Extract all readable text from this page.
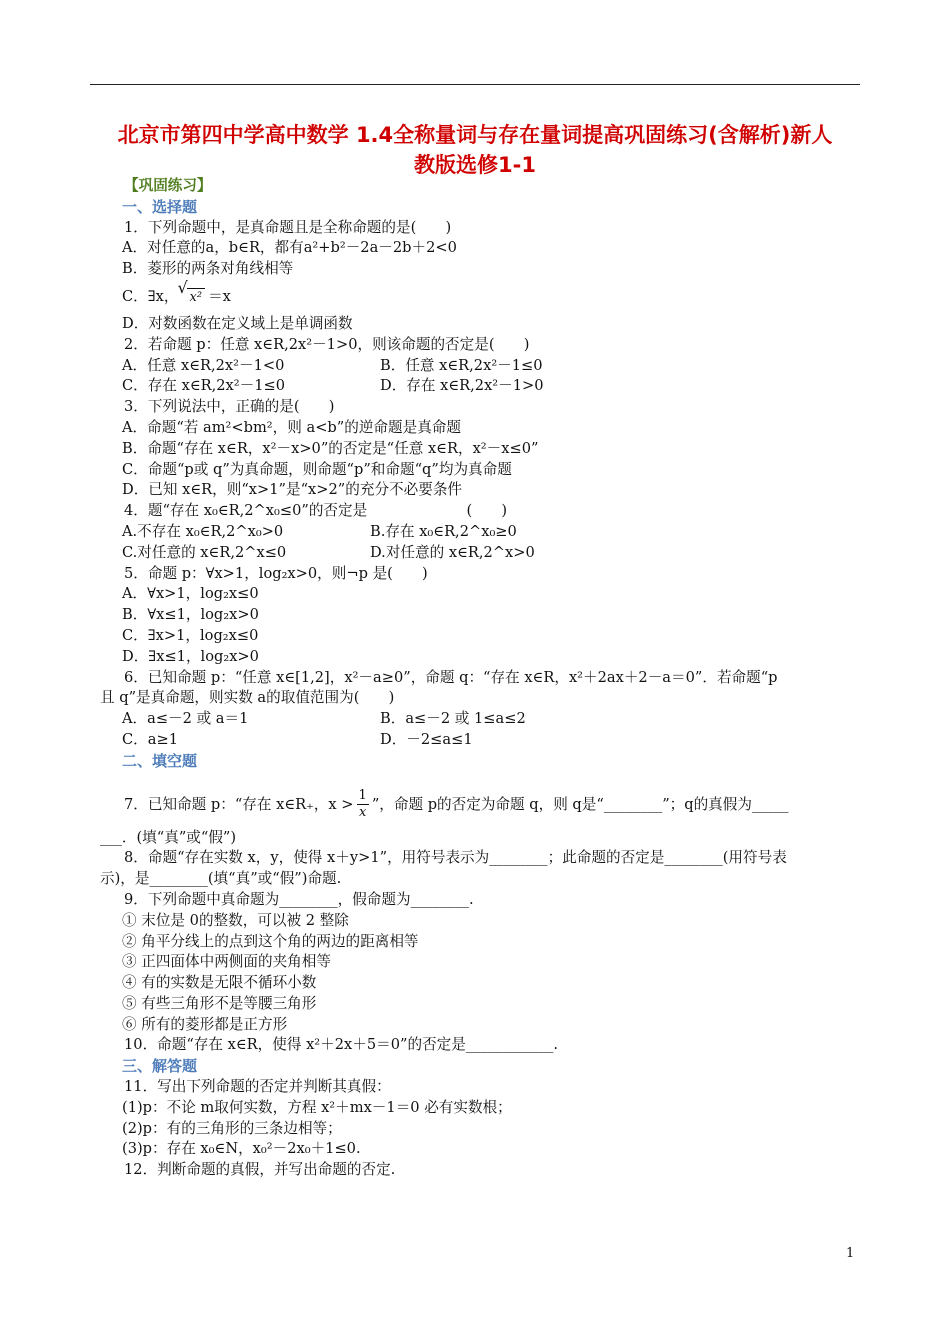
北京市第四中学高中数学 1.4全称量词与存在量词提高巩固练习(含解析)新人
教版选修1-1
【巩固练习】
一、选择题
1．下列命题中，是真命题且是全称命题的是(　　)
A．对任意的a，b∈R，都有a²+b²－2a－2b＋2<0
B．菱形的两条对角线相等
C．∃x， √
x² ＝x
D．对数函数在定义域上是单调函数
2．若命题 p：任意 x∈R,2x²－1>0，则该命题的否定是(　　)
A．任意 x∈R,2x²－1<0	B．任意 x∈R,2x²－1≤0
C．存在 x∈R,2x²－1≤0	D．存在 x∈R,2x²－1>0
3．下列说法中，正确的是(　　)
A．命题“若 am²<bm²，则 a<b”的逆命题是真命题
B．命题“存在 x∈R，x²－x>0”的否定是“任意 x∈R，x²－x≤0”
C．命题“p或 q”为真命题，则命题“p”和命题“q”均为真命题
D．已知 x∈R，则“x>1”是“x>2”的充分不必要条件
4．题“存在 x₀∈R,2^x₀≤0”的否定是	(　　)
A.不存在 x₀∈R,2^x₀>0	B.存在 x₀∈R,2^x₀≥0
C.对任意的 x∈R,2^x≤0	D.对任意的 x∈R,2^x>0
5．命题 p：∀x>1，log₂x>0，则¬p 是(　　)
A．∀x>1，log₂x≤0
B．∀x≤1，log₂x>0
C．∃x>1，log₂x≤0
D．∃x≤1，log₂x>0
6．已知命题 p：“任意 x∈[1,2]，x²－a≥0”，命题 q：“存在 x∈R，x²＋2ax＋2－a＝0”．若命题“p
且 q”是真命题，则实数 a的取值范围为(　　)
A．a≤－2 或 a＝1	B．a≤－2 或 1≤a≤2
C．a≥1	D．－2≤a≤1
二、填空题
7．已知命题 p：“存在 x∈R₊，$x > \frac{1}{x}$ ”，命题 p的否定为命题 q，则 q是“________”；q的真假为_____
___．(填“真”或“假”)
8．命题“存在实数 x，y，使得 x＋y>1”，用符号表示为________；此命题的否定是________(用符号表
示)，是________(填“真”或“假”)命题.
9．下列命题中真命题为________，假命题为________.
① 末位是 0的整数，可以被 2 整除
② 角平分线上的点到这个角的两边的距离相等
③ 正四面体中两侧面的夹角相等
④ 有的实数是无限不循环小数
⑤ 有些三角形不是等腰三角形
⑥ 所有的菱形都是正方形
10．命题“存在 x∈R，使得 x²＋2x＋5＝0”的否定是____________.
三、解答题
11．写出下列命题的否定并判断其真假：
(1)p：不论 m取何实数，方程 x²＋mx－1＝0 必有实数根；
(2)p：有的三角形的三条边相等；
(3)p：存在 x₀∈N，x₀²－2x₀＋1≤0.
12．判断命题的真假，并写出命题的否定.
1
